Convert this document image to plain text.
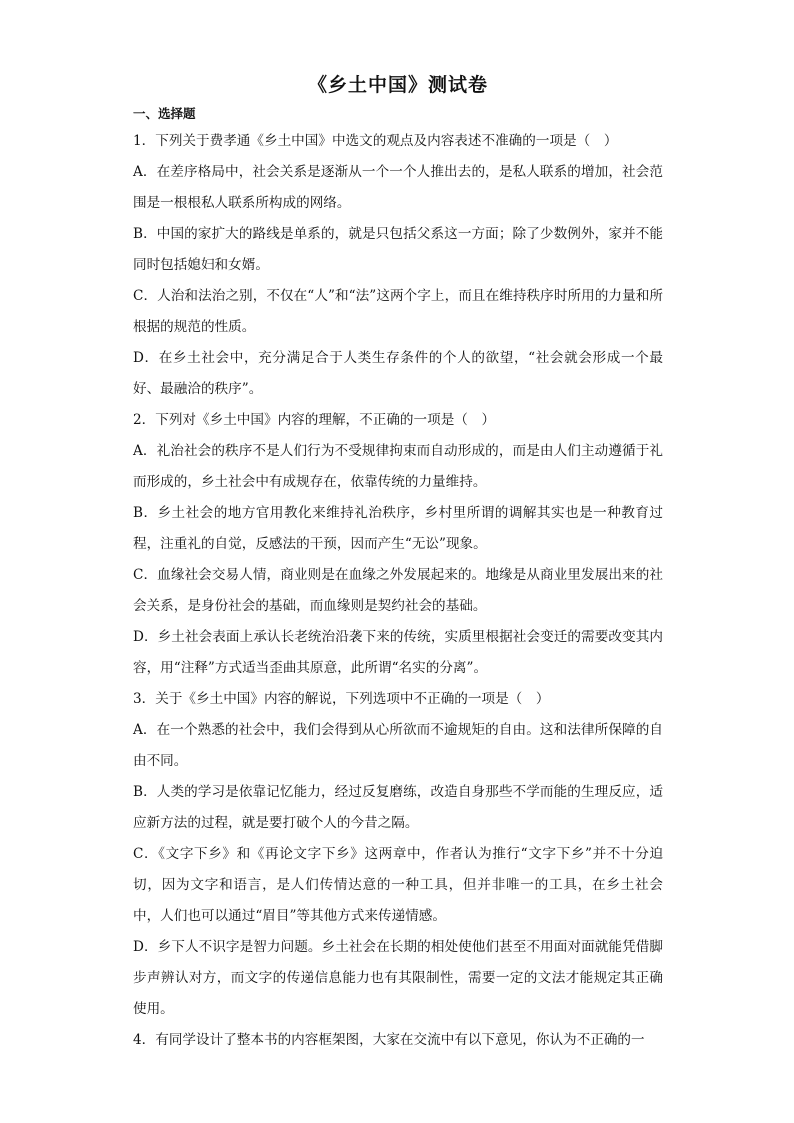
《乡土中国》测试卷
一、选择题
1．下列关于费孝通《乡土中国》中选文的观点及内容表述不准确的一项是（　）
A．在差序格局中，社会关系是逐渐从一个一个人推出去的，是私人联系的增加，社会范围是一根根私人联系所构成的网络。
B．中国的家扩大的路线是单系的，就是只包括父系这一方面；除了少数例外，家并不能同时包括媳妇和女婿。
C．人治和法治之别，不仅在“人”和“法”这两个字上，而且在维持秩序时所用的力量和所根据的规范的性质。
D．在乡土社会中，充分满足合于人类生存条件的个人的欲望，“社会就会形成一个最好、最融洽的秩序”。
2．下列对《乡土中国》内容的理解，不正确的一项是（　）
A．礼治社会的秩序不是人们行为不受规律拘束而自动形成的，而是由人们主动遵循于礼而形成的，乡土社会中有成规存在，依靠传统的力量维持。
B．乡土社会的地方官用教化来维持礼治秩序，乡村里所谓的调解其实也是一种教育过程，注重礼的自觉，反感法的干预，因而产生“无讼”现象。
C．血缘社会交易人情，商业则是在血缘之外发展起来的。地缘是从商业里发展出来的社会关系，是身份社会的基础，而血缘则是契约社会的基础。
D．乡土社会表面上承认长老统治沿袭下来的传统，实质里根据社会变迁的需要改变其内容，用“注释”方式适当歪曲其原意，此所谓“名实的分离”。
3．关于《乡土中国》内容的解说，下列选项中不正确的一项是（　）
A．在一个熟悉的社会中，我们会得到从心所欲而不逾规矩的自由。这和法律所保障的自由不同。
B．人类的学习是依靠记忆能力，经过反复磨练，改造自身那些不学而能的生理反应，适应新方法的过程，就是要打破个人的今昔之隔。
C．《文字下乡》和《再论文字下乡》这两章中，作者认为推行“文字下乡”并不十分迫切，因为文字和语言，是人们传情达意的一种工具，但并非唯一的工具，在乡土社会中，人们也可以通过“眉目”等其他方式来传递情感。
D．乡下人不识字是智力问题。乡土社会在长期的相处使他们甚至不用面对面就能凭借脚步声辨认对方，而文字的传递信息能力也有其限制性，需要一定的文法才能规定其正确使用。
4．有同学设计了整本书的内容框架图，大家在交流中有以下意见，你认为不正确的一
